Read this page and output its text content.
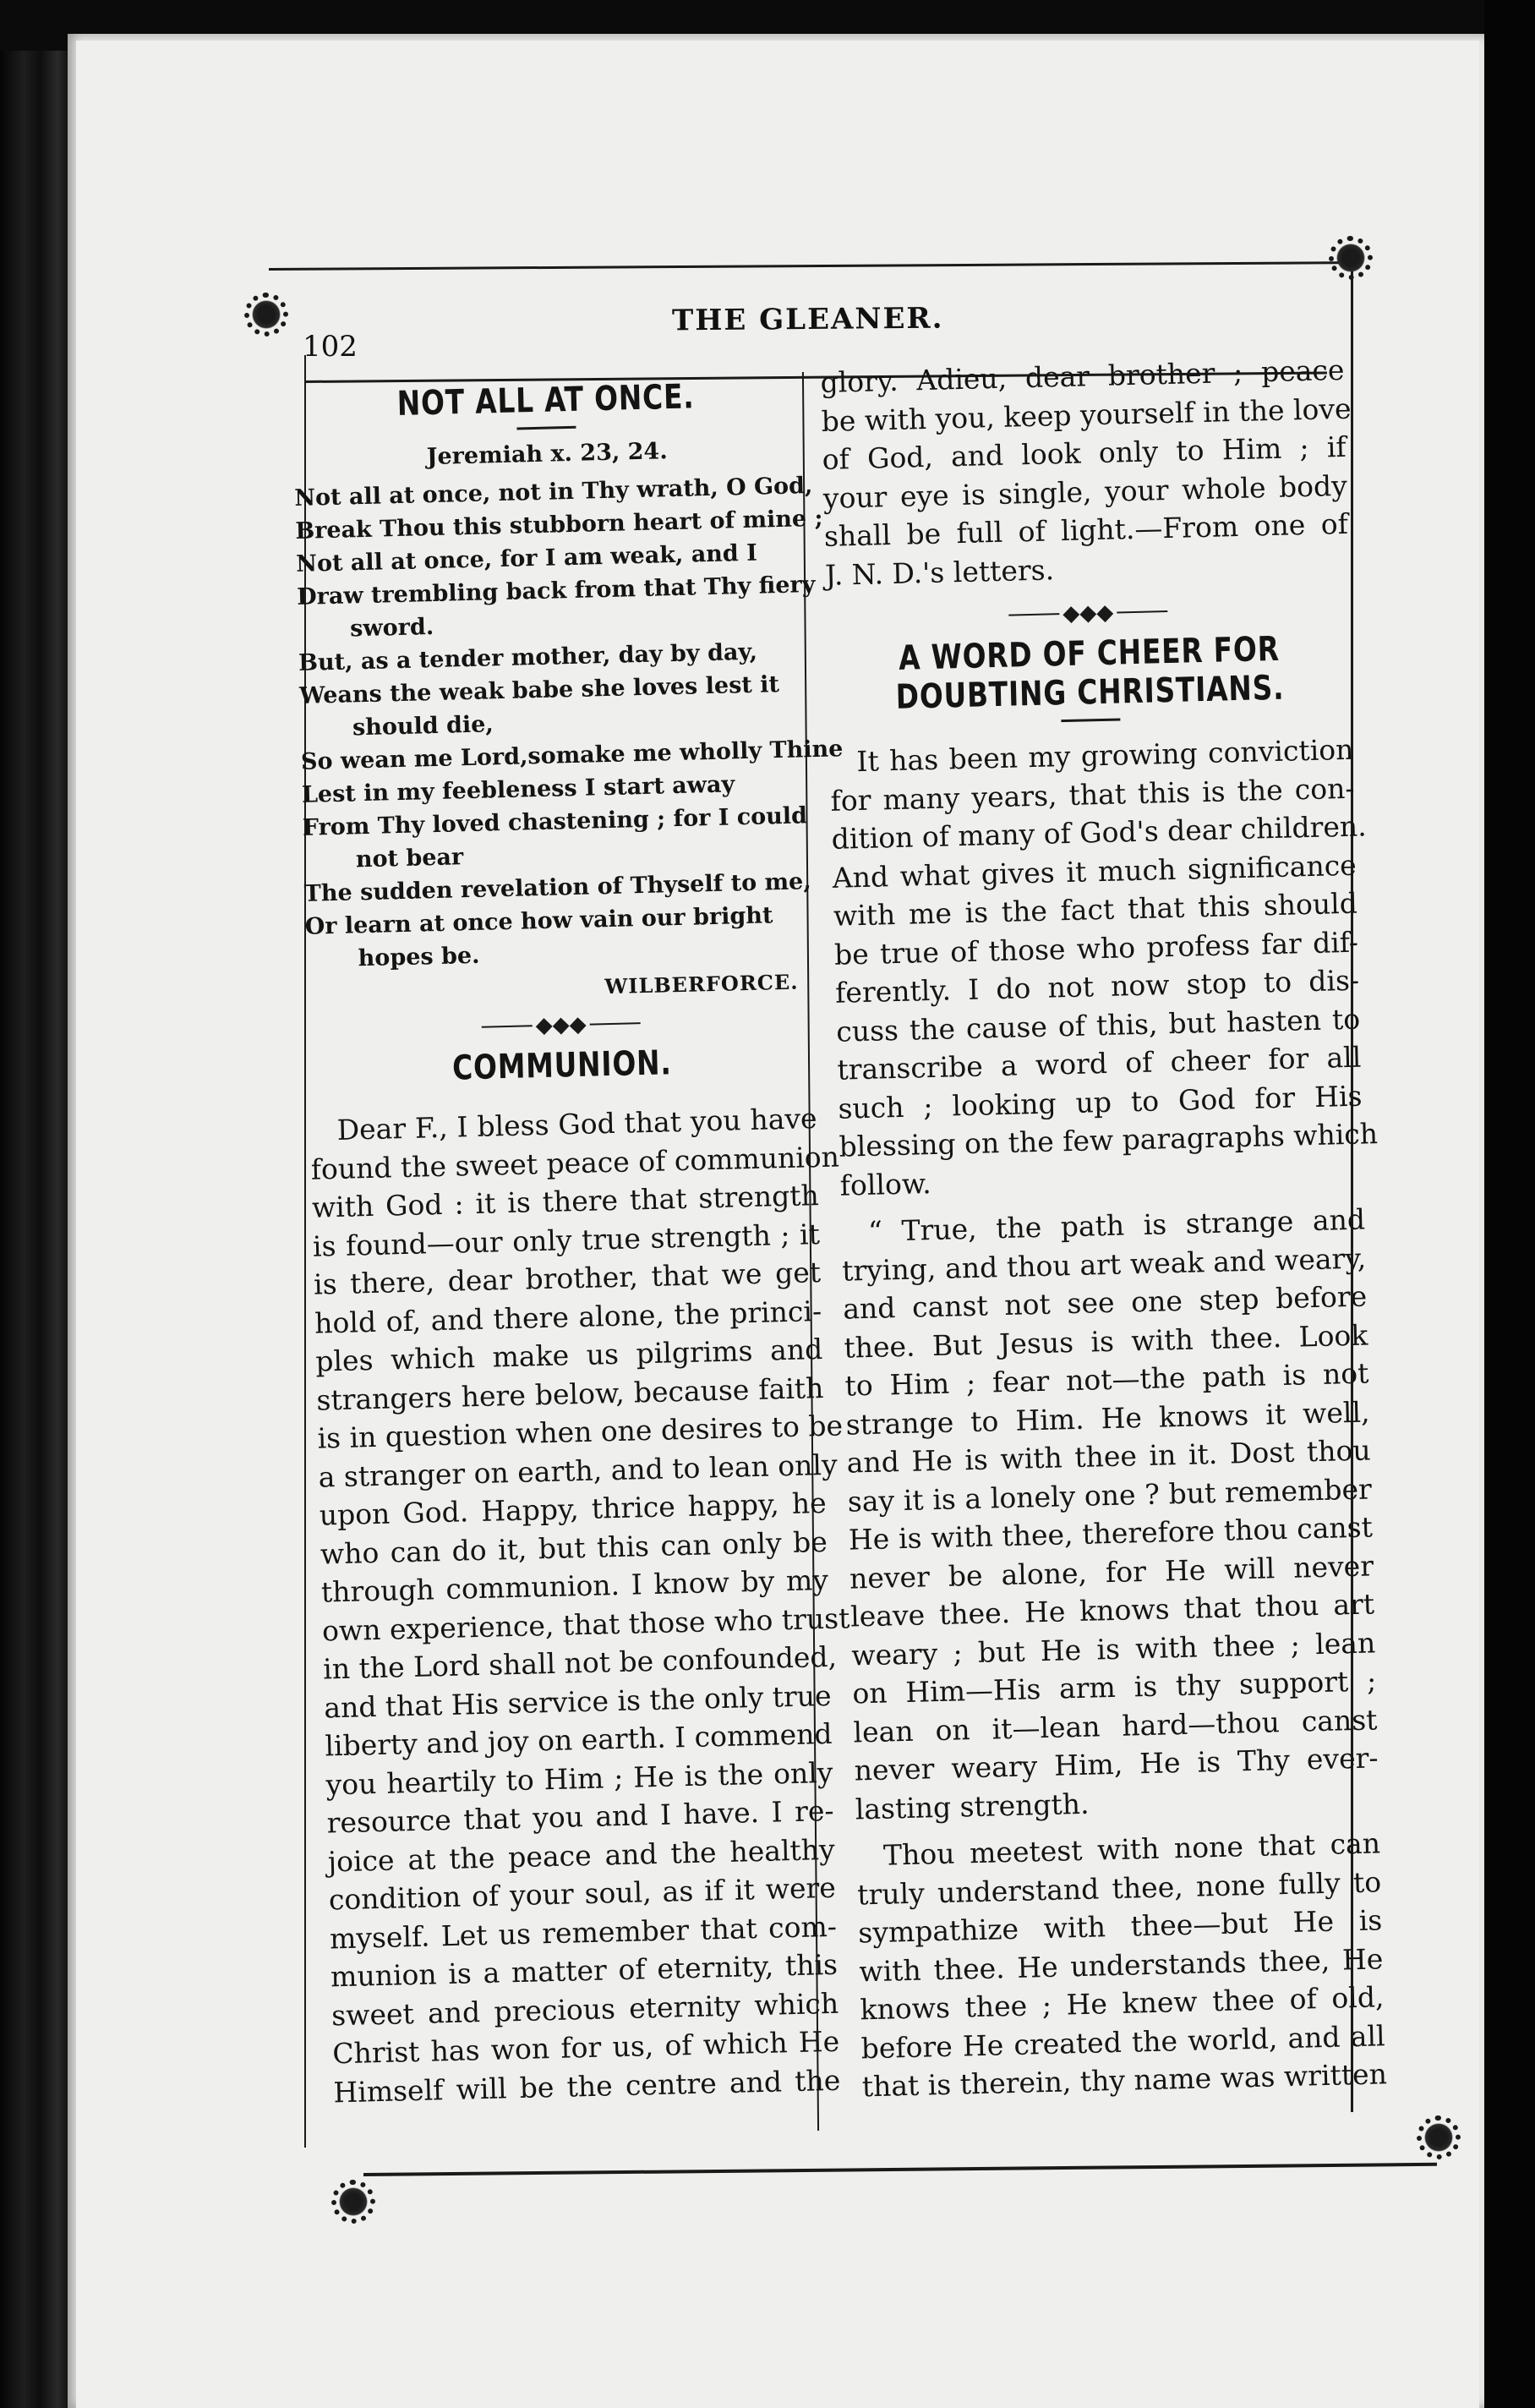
102
THE GLEANER.
NOT ALL AT ONCE.
Jeremiah x. 23, 24.
Not all at once, not in Thy wrath, O God,
Break Thou this stubborn heart of mine ;
Not all at once, for I am weak, and I
Draw trembling back from that Thy fiery
sword.
But, as a tender mother, day by day,
Weans the weak babe she loves lest it
should die,
So wean me Lord,somake me wholly Thine
Lest in my feebleness I start away
From Thy loved chastening ; for I could
not bear
The sudden revelation of Thyself to me,
Or learn at once how vain our bright
hopes be.
WILBERFORCE.
◆◆◆
COMMUNION.
Dear F., I bless God that you have
found the sweet peace of communion
with God : it is there that strength
is found—our only true strength ; it
is there, dear brother, that we get
hold of, and there alone, the princi-
ples which make us pilgrims and
strangers here below, because faith
is in question when one desires to be
a stranger on earth, and to lean only
upon God. Happy, thrice happy, he
who can do it, but this can only be
through communion. I know by my
own experience, that those who trust
in the Lord shall not be confounded,
and that His service is the only true
liberty and joy on earth. I commend
you heartily to Him ; He is the only
resource that you and I have. I re-
joice at the peace and the healthy
condition of your soul, as if it were
myself. Let us remember that com-
munion is a matter of eternity, this
sweet and precious eternity which
Christ has won for us, of which He
Himself will be the centre and the
glory. Adieu, dear brother ; peace
be with you, keep yourself in the love
of God, and look only to Him ; if
your eye is single, your whole body
shall be full of light.—From one of
J. N. D.'s letters.
◆◆◆
A WORD OF CHEER FOR
DOUBTING CHRISTIANS.
It has been my growing conviction
for many years, that this is the con-
dition of many of God's dear children.
And what gives it much significance
with me is the fact that this should
be true of those who profess far dif-
ferently. I do not now stop to dis-
cuss the cause of this, but hasten to
transcribe a word of cheer for all
such ; looking up to God for His
blessing on the few paragraphs which
follow.
“ True, the path is strange and
trying, and thou art weak and weary,
and canst not see one step before
thee. But Jesus is with thee. Look
to Him ; fear not—the path is not
strange to Him. He knows it well,
and He is with thee in it. Dost thou
say it is a lonely one ? but remember
He is with thee, therefore thou canst
never be alone, for He will never
leave thee. He knows that thou art
weary ; but He is with thee ; lean
on Him—His arm is thy support ;
lean on it—lean hard—thou canst
never weary Him, He is Thy ever-
lasting strength.
Thou meetest with none that can
truly understand thee, none fully to
sympathize with thee—but He is
with thee. He understands thee, He
knows thee ; He knew thee of old,
before He created the world, and all
that is therein, thy name was written
